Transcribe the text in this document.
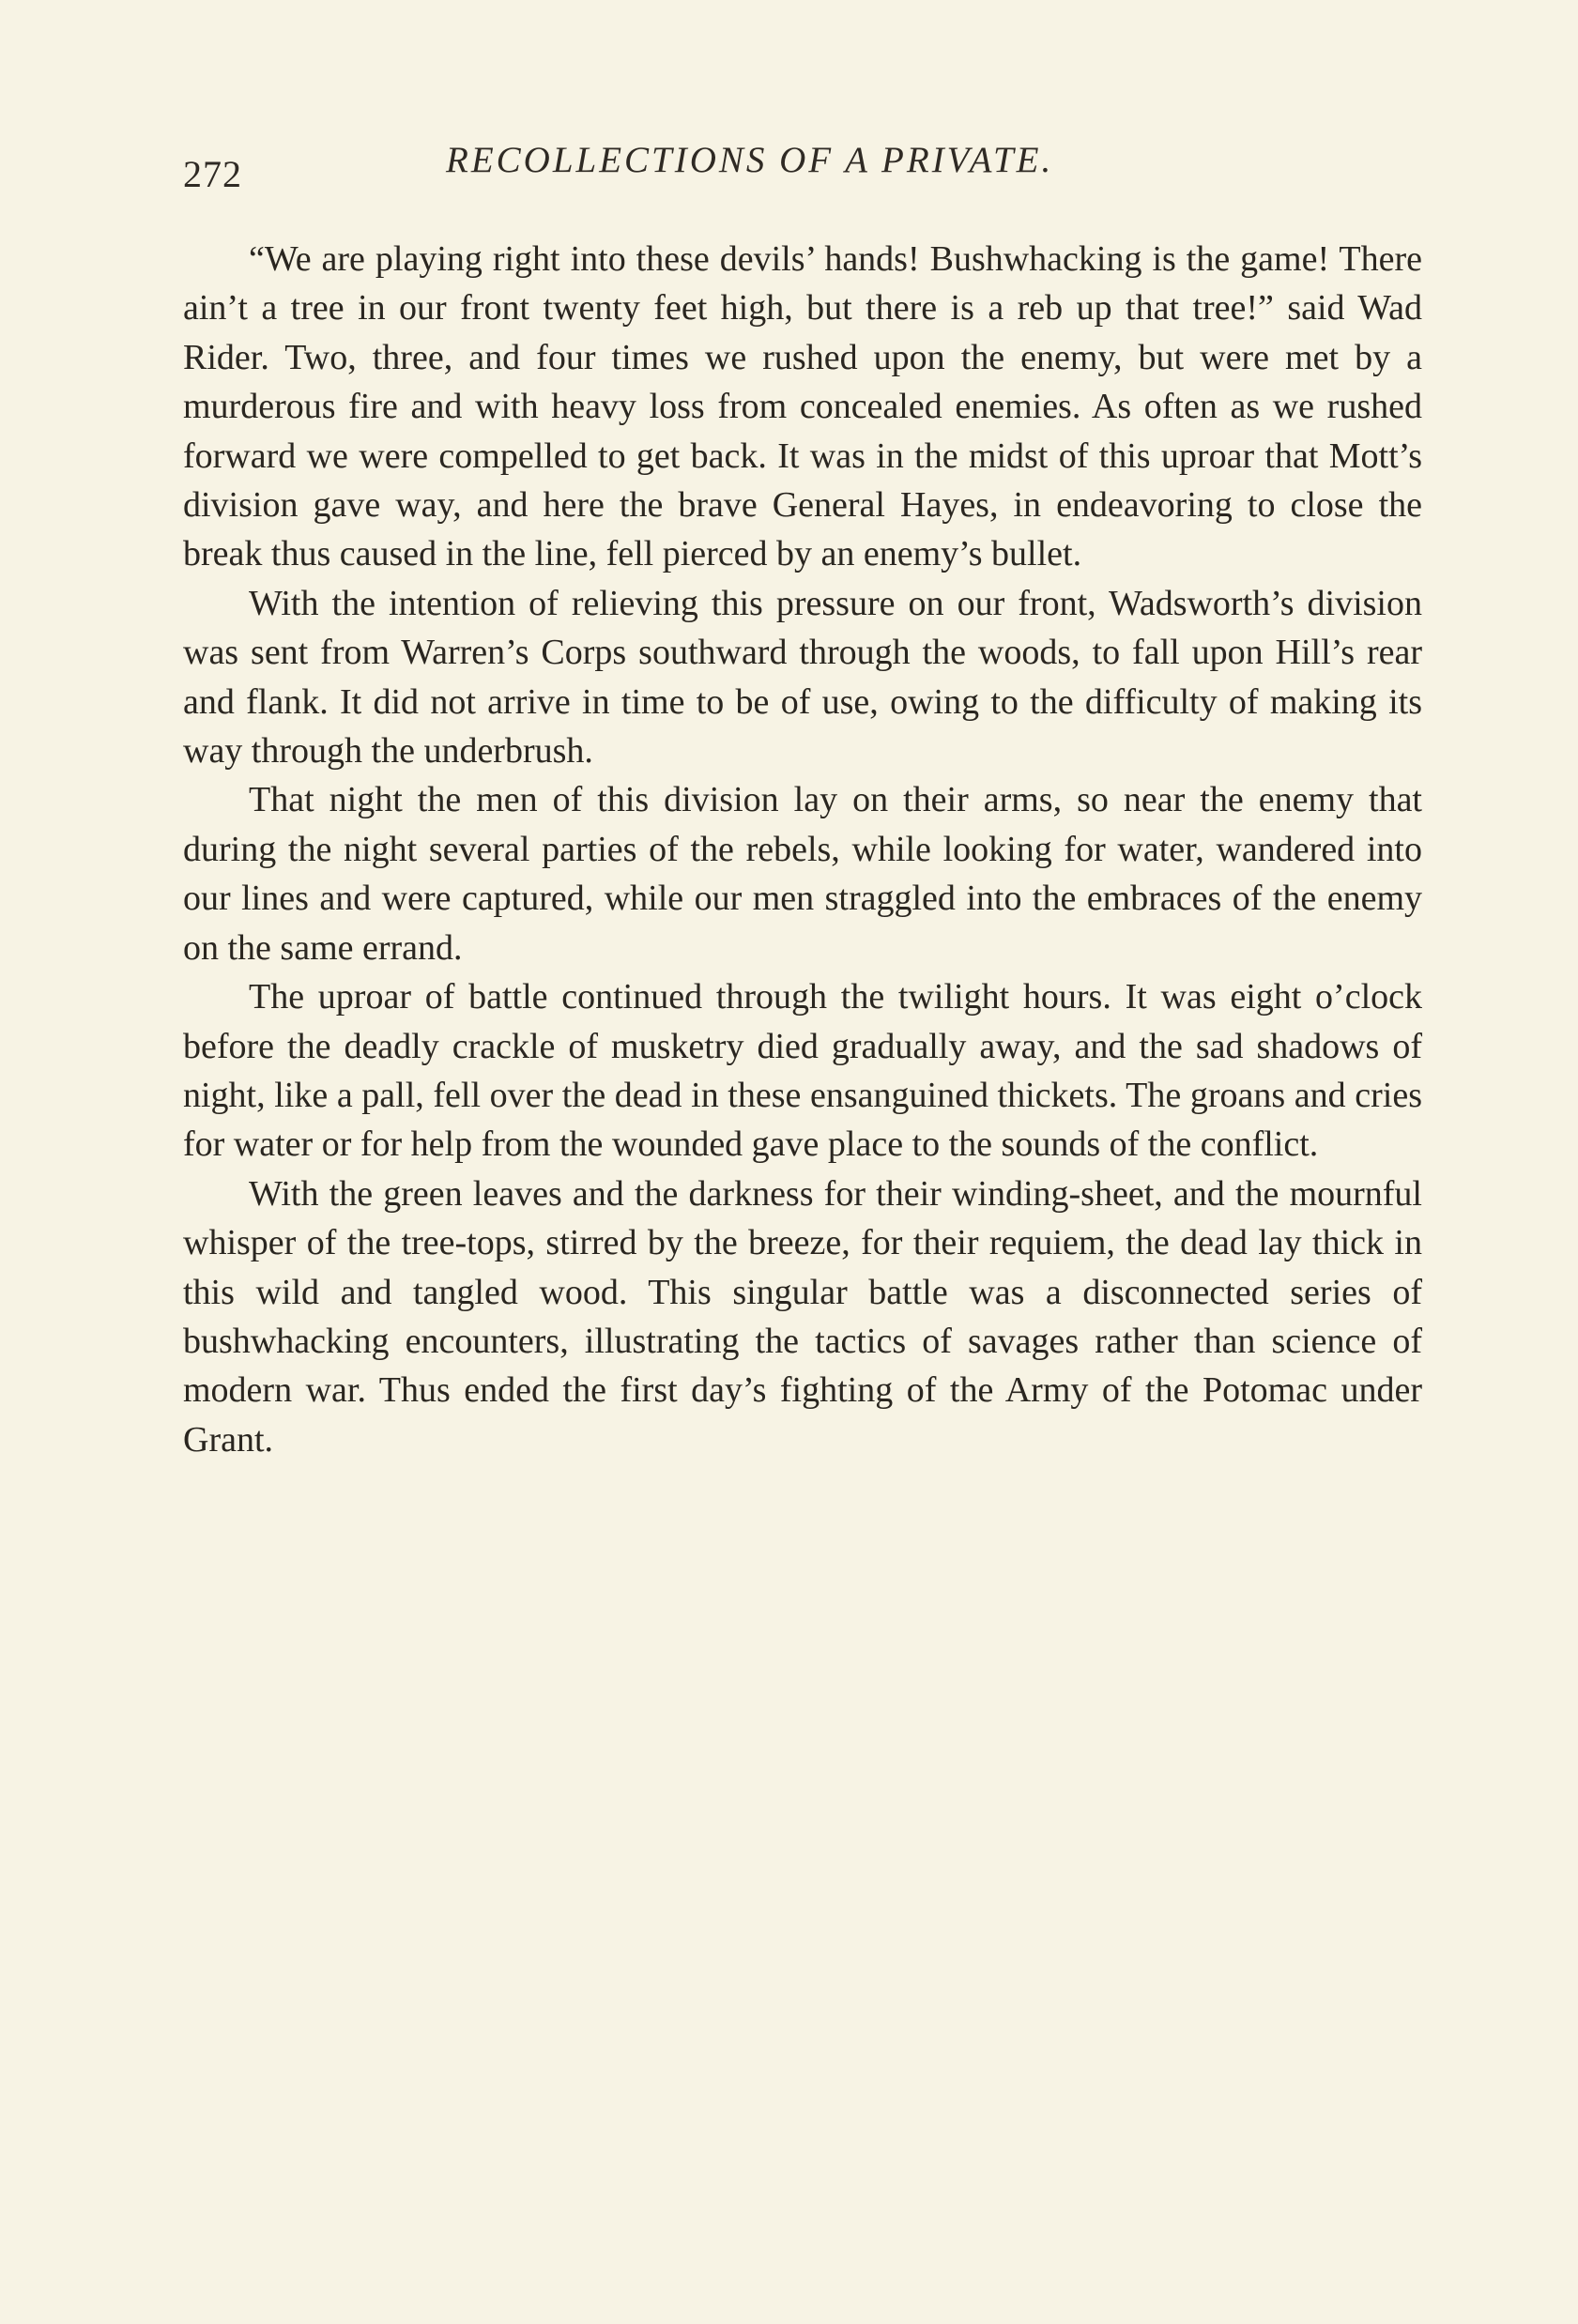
272	RECOLLECTIONS OF A PRIVATE.

“We are playing right into these devils’ hands! Bushwhacking is the game! There ain’t a tree in our front twenty feet high, but there is a reb up that tree!” said Wad Rider. Two, three, and four times we rushed upon the enemy, but were met by a murderous fire and with heavy loss from concealed enemies. As often as we rushed forward we were compelled to get back. It was in the midst of this uproar that Mott’s division gave way, and here the brave General Hayes, in endeavoring to close the break thus caused in the line, fell pierced by an enemy’s bullet.

With the intention of relieving this pressure on our front, Wadsworth’s division was sent from Warren’s Corps southward through the woods, to fall upon Hill’s rear and flank. It did not arrive in time to be of use, owing to the difficulty of making its way through the underbrush.

That night the men of this division lay on their arms, so near the enemy that during the night several parties of the rebels, while looking for water, wandered into our lines and were captured, while our men straggled into the embraces of the enemy on the same errand.

The uproar of battle continued through the twilight hours. It was eight o’clock before the deadly crackle of musketry died gradually away, and the sad shadows of night, like a pall, fell over the dead in these ensanguined thickets. The groans and cries for water or for help from the wounded gave place to the sounds of the conflict.

With the green leaves and the darkness for their winding-sheet, and the mournful whisper of the tree-tops, stirred by the breeze, for their requiem, the dead lay thick in this wild and tangled wood. This singular battle was a disconnected series of bushwhacking encounters, illustrating the tactics of savages rather than science of modern war. Thus ended the first day’s fighting of the Army of the Potomac under Grant.
